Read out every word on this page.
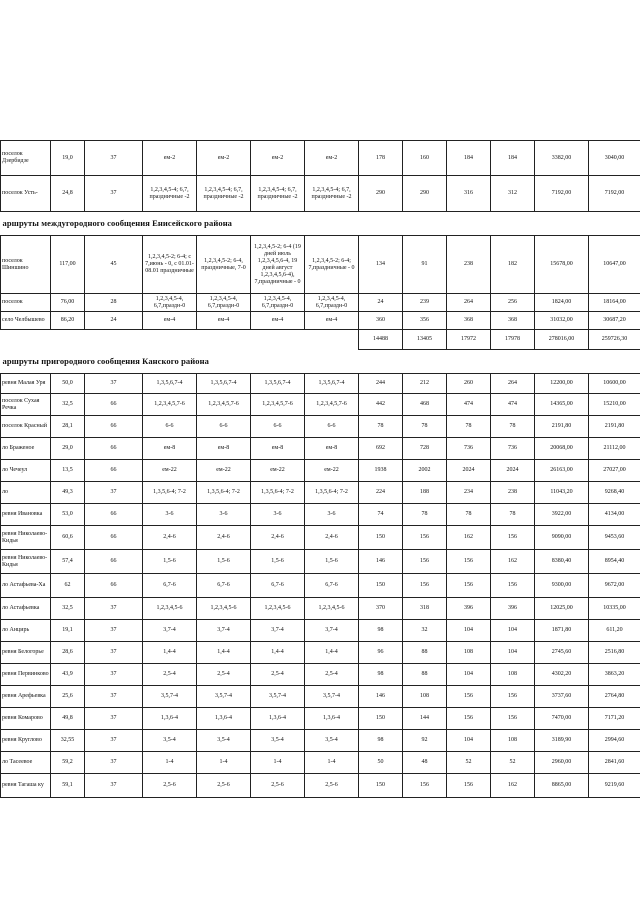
поселок Дзербидзе	19,0	37	ем-2	ем-2	ем-2	ем-2	178	160	184	184	3382,00	3040,00
поселок Усть-	24,8	37	1,2,3,4,5-4; 6,7, праздничные -2	1,2,3,4,5-4; 6,7, праздничные -2	1,2,3,4,5-4; 6,7, праздничные -2	1,2,3,4,5-4; 6,7, праздничные -2	290	290	316	312	7192,00	7192,00
аршруты междугородного сообщения Енисейского района												
поселок Шиншино	117,00	45	1,2,3,4,5-2; 6-4; с 7,июнь - 0, с 01.01-08.01 праздничные	1,2,3,4,5-2; 6-4, праздничные, 7-0	1,2,3,4,5-2; 6-4 (19 дней июль 1,2,3,4,5,6-4, 19 дней август 1,2,3,4,5,6-4), 7,праздничные - 0	1,2,3,4,5-2; 6-4; 7,праздничные - 0	134	91	238	182	15678,00	10647,00
поселок	76,00	28	1,2,3,4,5-4, 6,7,праздн-0	1,2,3,4,5-4, 6,7,праздн-0	1,2,3,4,5-4, 6,7,праздн-0	1,2,3,4,5-4, 6,7,праздн-0	24	239	264	256	1824,00	18164,00
село Челбышево	86,20	24	ем-4	ем-4	ем-4	ем-4	360	356	368	368	31032,00	30687,20
							14488	13405	17972	17978	278016,00	259726,30
аршруты пригородного сообщения Канского района												
ревня Малая Уря	50,0	37	1,3,5,6,7-4	1,3,5,6,7-4	1,3,5,6,7-4	1,3,5,6,7-4	244	212	260	264	12200,00	10600,00
поселок Сухая Речка	32,5	66	1,2,3,4,5,7-6	1,2,3,4,5,7-6	1,2,3,4,5,7-6	1,2,3,4,5,7-6	442	468	474	474	14365,00	15210,00
поселок Красный	28,1	66	6-6	6-6	6-6	6-6	78	78	78	78	2191,80	2191,80
ло Браженое	29,0	66	ем-8	ем-8	ем-8	ем-8	692	728	736	736	20068,00	21112,00
ло Чечеул	13,5	66	ем-22	ем-22	ем-22	ем-22	1938	2002	2024	2024	26163,00	27027,00
ло	49,3	37	1,3,5,6-4; 7-2	1,3,5,6-4; 7-2	1,3,5,6-4; 7-2	1,3,5,6-4; 7-2	224	188	234	238	11043,20	9268,40
ревня Ивановка	53,0	66	3-6	3-6	3-6	3-6	74	78	78	78	3922,00	4134,00
ревня Николаево-Кидья	60,6	66	2,4-6	2,4-6	2,4-6	2,4-6	150	156	162	156	9090,00	9453,60
ревня Николаево-Кидья	57,4	66	1,5-6	1,5-6	1,5-6	1,5-6	146	156	156	162	8380,40	8954,40
ло Астафьева-Ха	62	66	6,7-6	6,7-6	6,7-6	6,7-6	150	156	156	156	9300,00	9672,00
ло Астафьевка	32,5	37	1,2,3,4,5-6	1,2,3,4,5-6	1,2,3,4,5-6	1,2,3,4,5-6	370	318	396	396	12025,00	10335,00
ло Анцирь	19,1	37	3,7-4	3,7-4	3,7-4	3,7-4	98	32	104	104	1871,80	611,20
ревня Белогорье	28,6	37	1,4-4	1,4-4	1,4-4	1,4-4	96	88	108	104	2745,60	2516,80
ревня Первинково	43,9	37	2,5-4	2,5-4	2,5-4	2,5-4	98	88	104	108	4302,20	3863,20
ревня Арефьевка	25,6	37	3,5,7-4	3,5,7-4	3,5,7-4	3,5,7-4	146	108	156	156	3737,60	2764,80
ревня Комарово	49,8	37	1,3,6-4	1,3,6-4	1,3,6-4	1,3,6-4	150	144	156	156	7470,00	7171,20
ревня Круглово	32,55	37	3,5-4	3,5-4	3,5-4	3,5-4	98	92	104	108	3189,90	2994,60
ло Тасеевое	59,2	37	1-4	1-4	1-4	1-4	50	48	52	52	2960,00	2841,60
ревня Тагаша ку	59,1	37	2,5-6	2,5-6	2,5-6	2,5-6	150	156	156	162	8865,00	9219,60
